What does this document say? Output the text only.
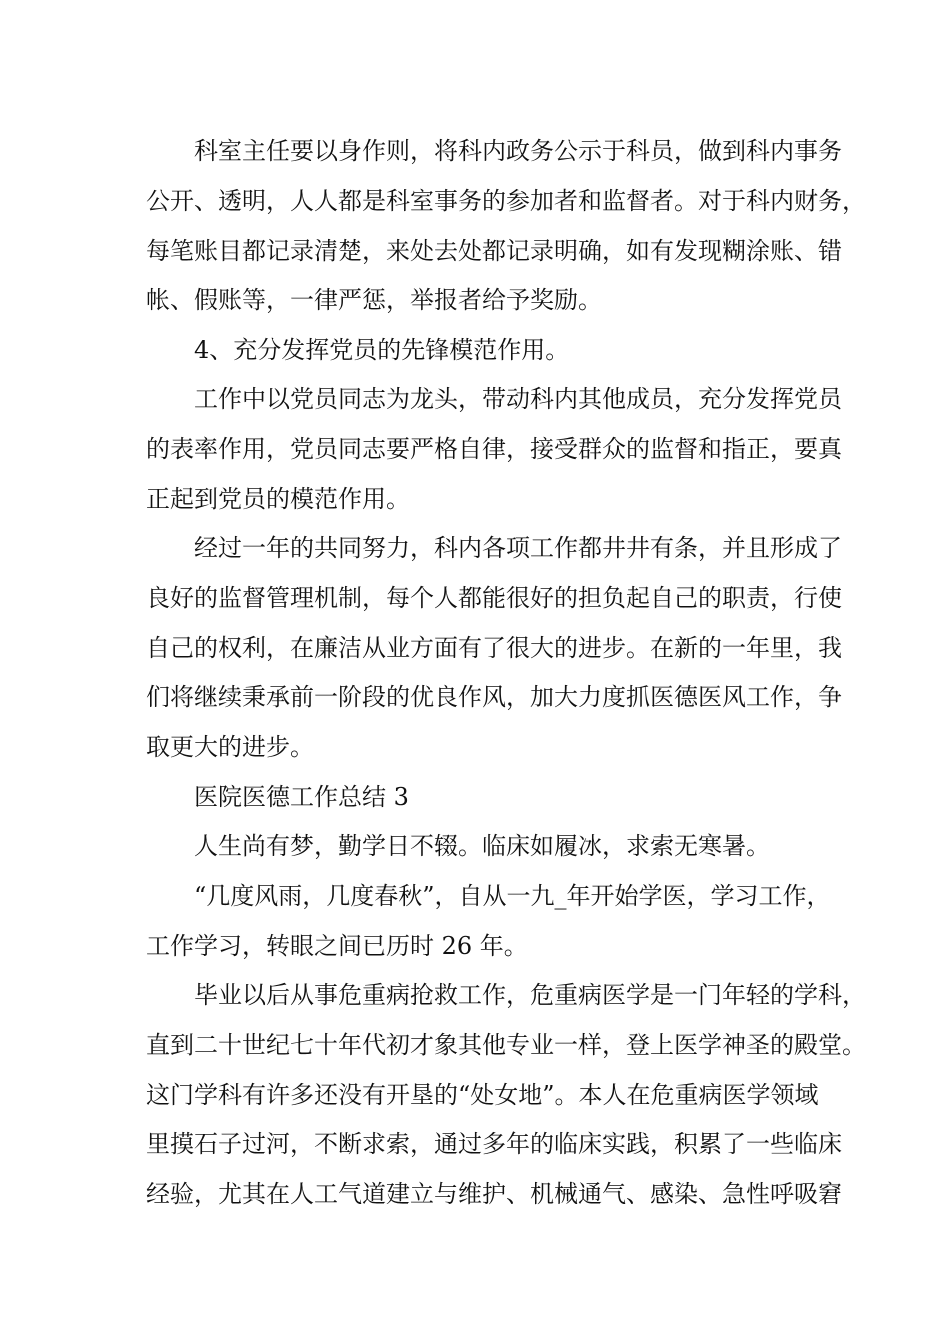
　　科室主任要以身作则，将科内政务公示于科员，做到科内事务
公开、透明，人人都是科室事务的参加者和监督者。对于科内财务，
每笔账目都记录清楚，来处去处都记录明确，如有发现糊涂账、错
帐、假账等，一律严惩，举报者给予奖励。
　　4、充分发挥党员的先锋模范作用。
　　工作中以党员同志为龙头，带动科内其他成员，充分发挥党员
的表率作用，党员同志要严格自律，接受群众的监督和指正，要真
正起到党员的模范作用。
　　经过一年的共同努力，科内各项工作都井井有条，并且形成了
良好的监督管理机制，每个人都能很好的担负起自己的职责，行使
自己的权利，在廉洁从业方面有了很大的进步。在新的一年里，我
们将继续秉承前一阶段的优良作风，加大力度抓医德医风工作，争
取更大的进步。
　　医院医德工作总结 3
　　人生尚有梦，勤学日不辍。临床如履冰，求索无寒暑。
　　“几度风雨，几度春秋”，自从一九_年开始学医，学习工作，
工作学习，转眼之间已历时 26 年。
　　毕业以后从事危重病抢救工作，危重病医学是一门年轻的学科，
直到二十世纪七十年代初才象其他专业一样，登上医学神圣的殿堂。
这门学科有许多还没有开垦的“处女地”。本人在危重病医学领域
里摸石子过河，不断求索，通过多年的临床实践，积累了一些临床
经验，尤其在人工气道建立与维护、机械通气、感染、急性呼吸窘
